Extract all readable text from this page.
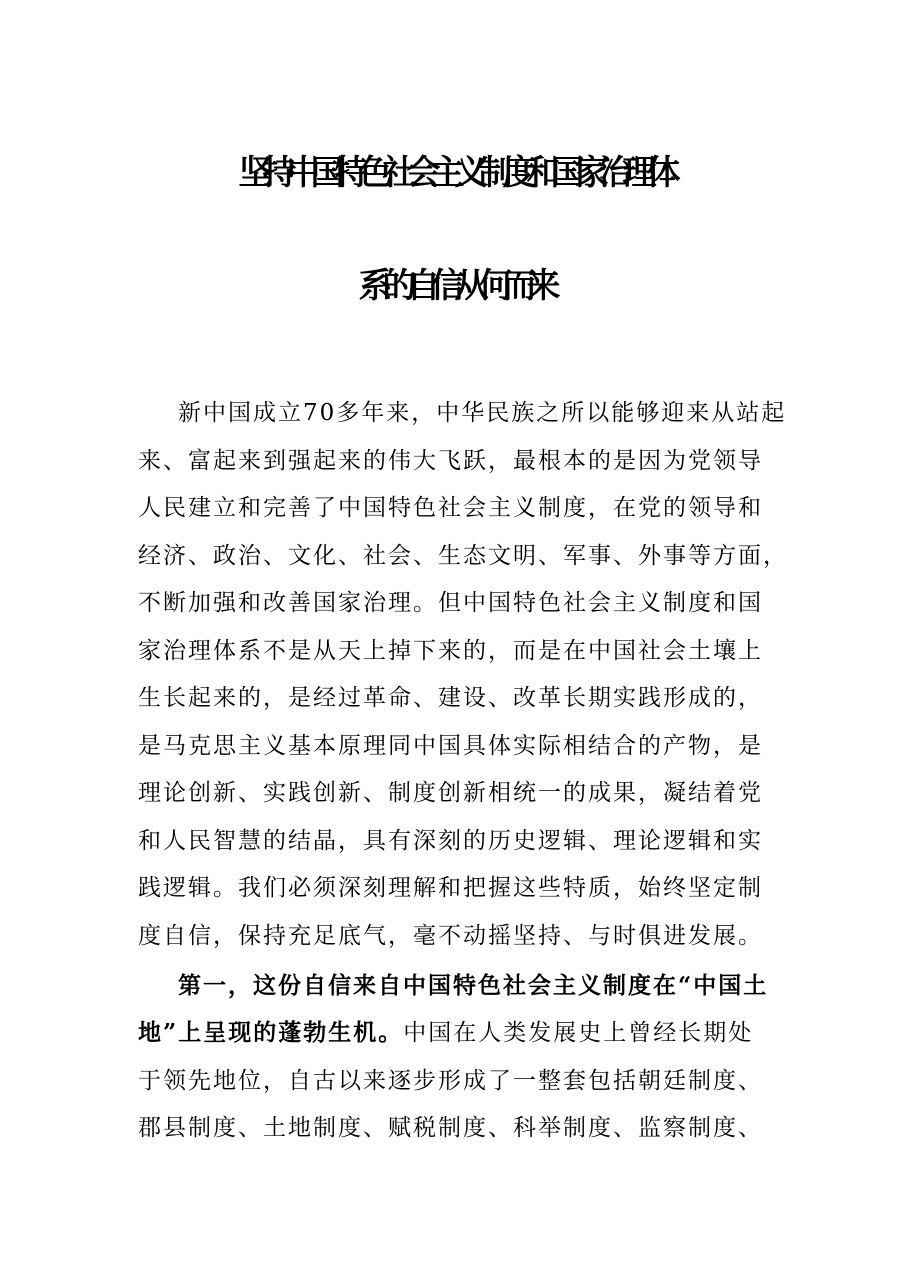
坚持中国特色社会主义制度和国家治理体
系的自信从何而来
新中国成立70多年来，中华民族之所以能够迎来从站起
来、富起来到强起来的伟大飞跃，最根本的是因为党领导
人民建立和完善了中国特色社会主义制度，在党的领导和
经济、政治、文化、社会、生态文明、军事、外事等方面，
不断加强和改善国家治理。但中国特色社会主义制度和国
家治理体系不是从天上掉下来的，而是在中国社会土壤上
生长起来的，是经过革命、建设、改革长期实践形成的，
是马克思主义基本原理同中国具体实际相结合的产物，是
理论创新、实践创新、制度创新相统一的成果，凝结着党
和人民智慧的结晶，具有深刻的历史逻辑、理论逻辑和实
践逻辑。我们必须深刻理解和把握这些特质，始终坚定制
度自信，保持充足底气，毫不动摇坚持、与时俱进发展。
第一，这份自信来自中国特色社会主义制度在“中国土
地”上呈现的蓬勃生机。中国在人类发展史上曾经长期处
于领先地位，自古以来逐步形成了一整套包括朝廷制度、
郡县制度、土地制度、赋税制度、科举制度、监察制度、
